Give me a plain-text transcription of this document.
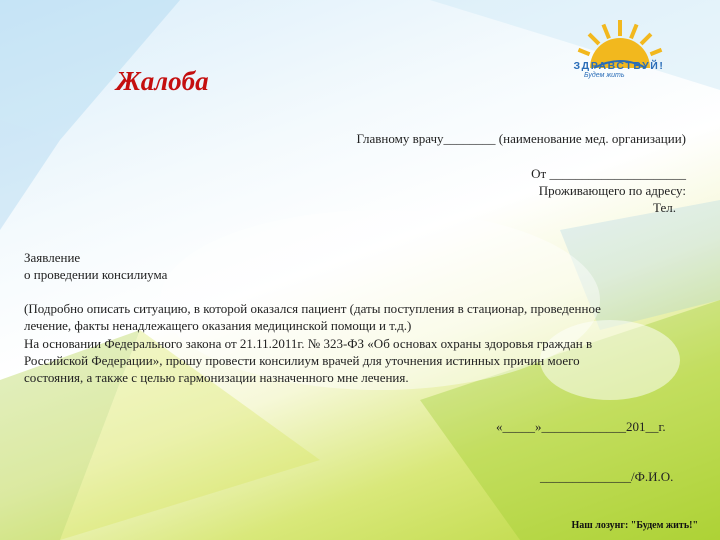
ЗДРАВСТВУЙ!
Будем жить
Жалоба
Главному врачу________ (наименование мед. организации)
От _____________________
Проживающего по адресу:
Тел.
Заявление
о проведении консилиума
(Подробно описать ситуацию, в которой оказался пациент (даты поступления в стационар, проведенное
лечение, факты ненадлежащего оказания медицинской помощи и т.д.)
На основании Федерального закона от 21.11.2011г. № 323-ФЗ «Об основах охраны здоровья граждан в
Российской Федерации», прошу провести консилиум врачей для уточнения истинных причин моего
состояния, а также с целью гармонизации назначенного мне лечения.
«_____»_____________201__г.
______________/Ф.И.О.
Наш лозунг: "Будем жить!"
